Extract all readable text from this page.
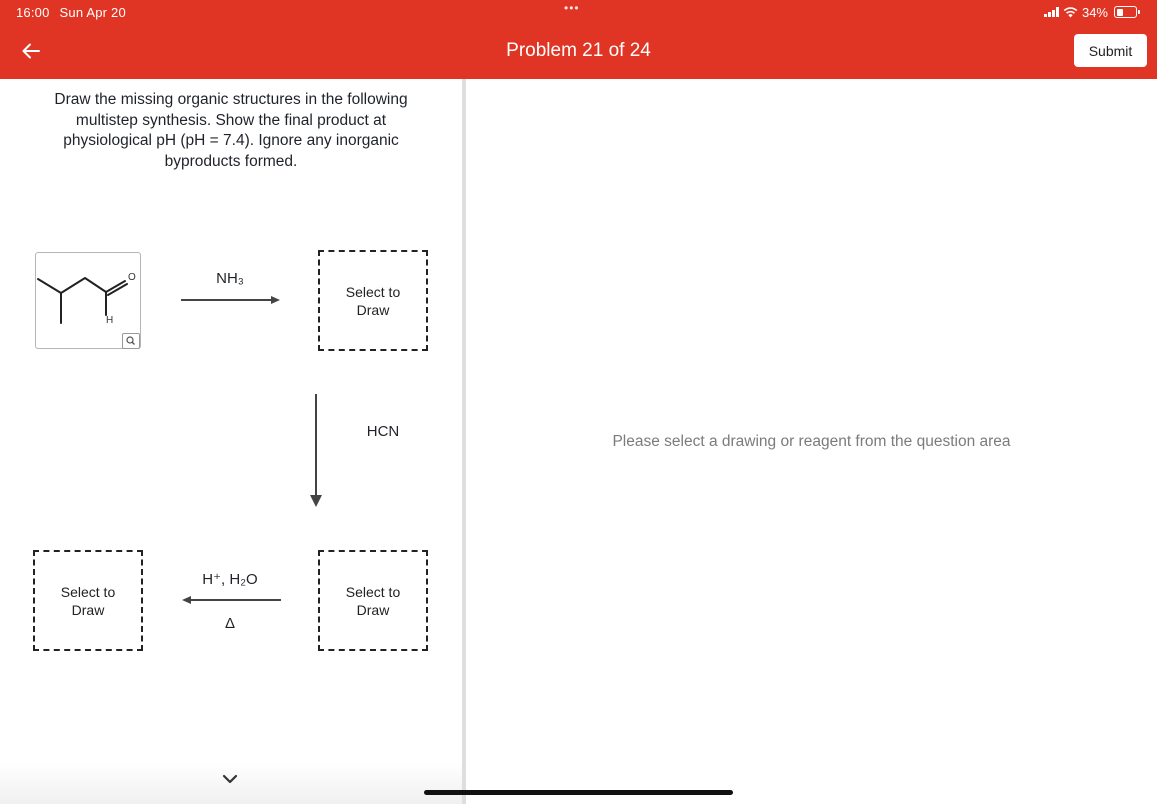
16:00 Sun Apr 20	•••	34%
Problem 21 of 24	Submit
Draw the missing organic structures in the following multistep synthesis. Show the final product at physiological pH (pH = 7.4). Ignore any inorganic byproducts formed.
O
H
NH₃
Select to
Draw
HCN
Select to
Draw
H⁺, H₂O
Δ
Select to
Draw
Please select a drawing or reagent from the question area
